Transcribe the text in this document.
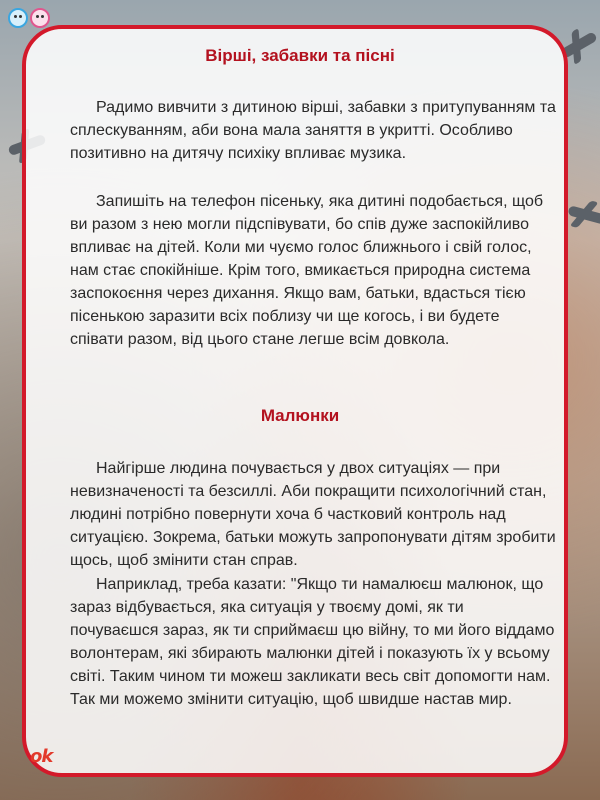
Вірші, забавки та пісні

Радимо вивчити з дитиною вірші, забавки з притупуванням та сплескуванням, аби вона мала заняття в укритті. Особливо позитивно на дитячу психіку впливає музика.

Запишіть на телефон пісеньку, яка дитині подобається, щоб ви разом з нею могли підспівувати, бо спів дуже заспокійливо впливає на дітей. Коли ми чуємо голос ближнього і свій голос, нам стає спокійніше. Крім того, вмикається природна система заспокоєння через дихання. Якщо вам, батьки, вдасться тією пісенькою заразити всіх поблизу чи ще когось, і ви будете співати разом, від цього стане легше всім довкола.

Малюнки

Найгірше людина почувається у двох ситуаціях — при невизначеності та безсиллі. Аби покращити психологічний стан, людині потрібно повернути хоча б частковий контроль над ситуацією. Зокрема, батьки можуть запропонувати дітям зробити щось, щоб змінити стан справ.

Наприклад, треба казати: "Якщо ти намалюєш малюнок, що зараз відбувається, яка ситуація у твоєму домі, як ти почуваєшся зараз, як ти сприймаєш цю війну, то ми його віддамо волонтерам, які збирають малюнки дітей і показують їх у всьому світі. Таким чином ти можеш закликати весь світ допомогти нам. Так ми можемо змінити ситуацію, щоб швидше настав мир.

ok
